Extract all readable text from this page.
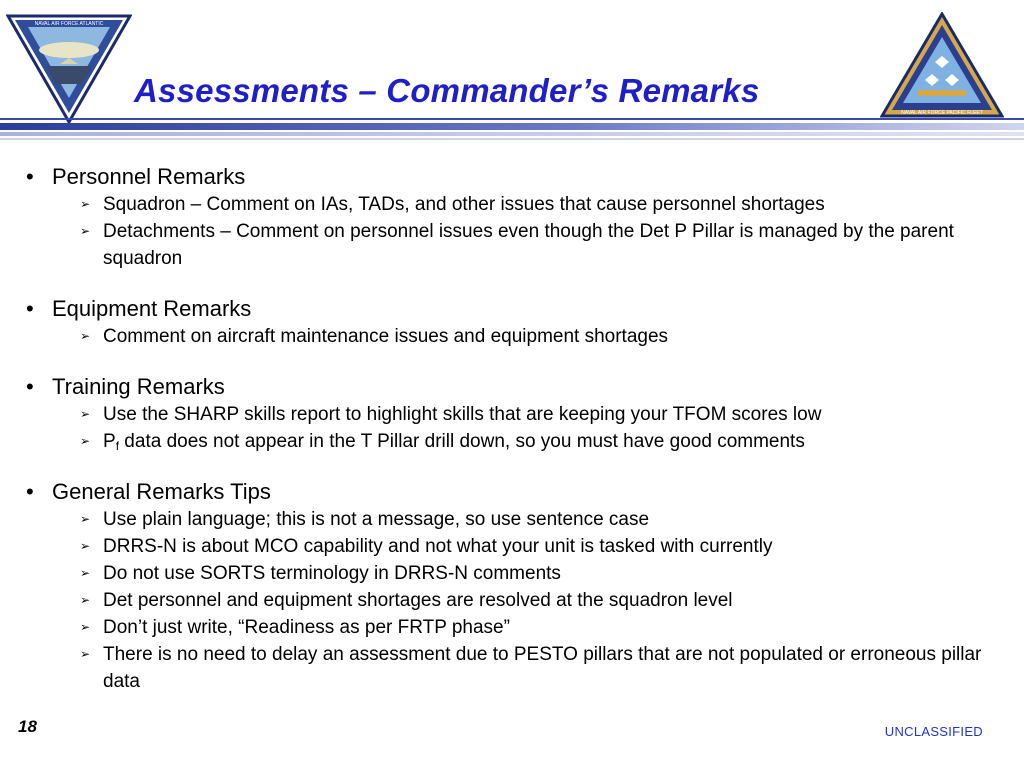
NAVAL AIR FORCE ATLANTIC
Assessments – Commander’s Remarks
NAVAL AIR FORCE PACIFIC FLEET
• Personnel Remarks
➢ Squadron – Comment on IAs, TADs, and other issues that cause personnel shortages
➢ Detachments – Comment on personnel issues even though the Det P Pillar is managed by the parent squadron
• Equipment Remarks
➢ Comment on aircraft maintenance issues and equipment shortages
• Training Remarks
➢ Use the SHARP skills report to highlight skills that are keeping your TFOM scores low
➢ $P_f$ data does not appear in the T Pillar drill down, so you must have good comments
• General Remarks Tips
➢ Use plain language; this is not a message, so use sentence case
➢ DRRS-N is about MCO capability and not what your unit is tasked with currently
➢ Do not use SORTS terminology in DRRS-N comments
➢ Det personnel and equipment shortages are resolved at the squadron level
➢ Don’t just write, “Readiness as per FRTP phase”
➢ There is no need to delay an assessment due to PESTO pillars that are not populated or erroneous pillar data
18	UNCLASSIFIED
